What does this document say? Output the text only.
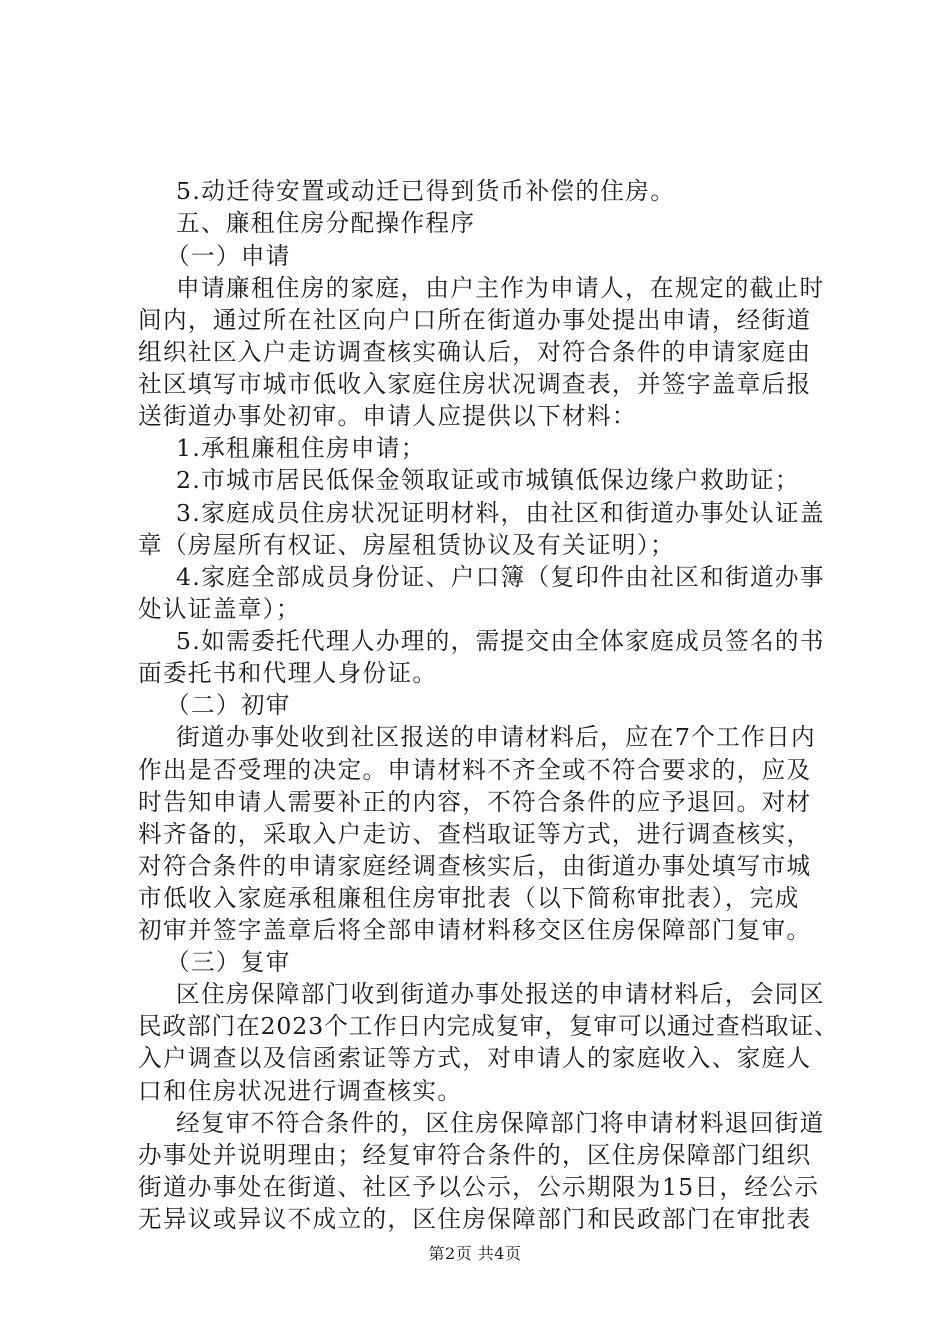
5.动迁待安置或动迁已得到货币补偿的住房。
五、廉租住房分配操作程序
（一）申请
申请廉租住房的家庭，由户主作为申请人，在规定的截止时
间内，通过所在社区向户口所在街道办事处提出申请，经街道
组织社区入户走访调查核实确认后，对符合条件的申请家庭由
社区填写市城市低收入家庭住房状况调查表，并签字盖章后报
送街道办事处初审。申请人应提供以下材料：
1.承租廉租住房申请；
2.市城市居民低保金领取证或市城镇低保边缘户救助证；
3.家庭成员住房状况证明材料，由社区和街道办事处认证盖
章（房屋所有权证、房屋租赁协议及有关证明）；
4.家庭全部成员身份证、户口簿（复印件由社区和街道办事
处认证盖章）；
5.如需委托代理人办理的，需提交由全体家庭成员签名的书
面委托书和代理人身份证。
（二）初审
街道办事处收到社区报送的申请材料后，应在7个工作日内
作出是否受理的决定。申请材料不齐全或不符合要求的，应及
时告知申请人需要补正的内容，不符合条件的应予退回。对材
料齐备的，采取入户走访、查档取证等方式，进行调查核实，
对符合条件的申请家庭经调查核实后，由街道办事处填写市城
市低收入家庭承租廉租住房审批表（以下简称审批表），完成
初审并签字盖章后将全部申请材料移交区住房保障部门复审。
（三）复审
区住房保障部门收到街道办事处报送的申请材料后，会同区
民政部门在2023个工作日内完成复审，复审可以通过查档取证、
入户调查以及信函索证等方式，对申请人的家庭收入、家庭人
口和住房状况进行调查核实。
经复审不符合条件的，区住房保障部门将申请材料退回街道
办事处并说明理由；经复审符合条件的，区住房保障部门组织
街道办事处在街道、社区予以公示，公示期限为15日，经公示
无异议或异议不成立的，区住房保障部门和民政部门在审批表
第2页 共4页
